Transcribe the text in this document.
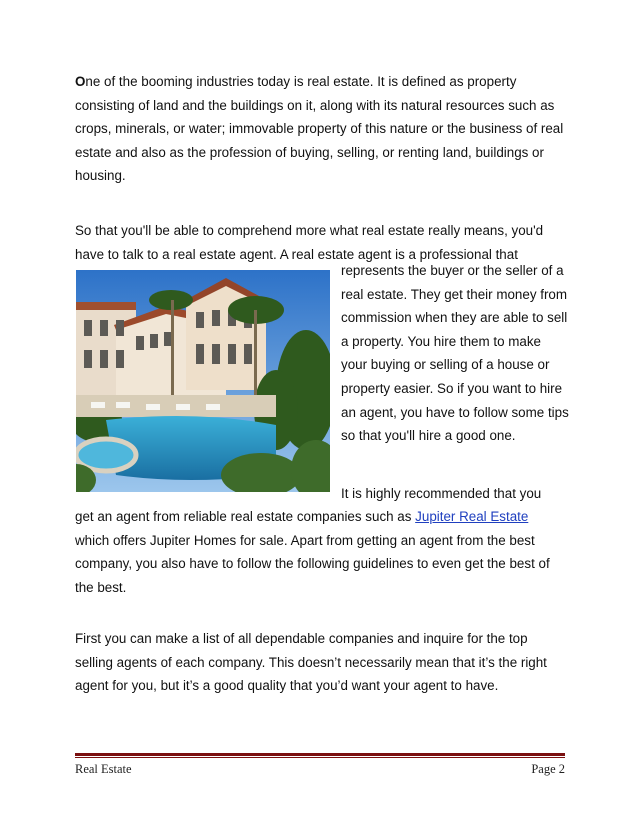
One of the booming industries today is real estate. It is defined as property consisting of land and the buildings on it, along with its natural resources such as crops, minerals, or water; immovable property of this nature or the business of real estate and also as the profession of buying, selling, or renting land, buildings or housing.
So that you'll be able to comprehend more what real estate really means, you'd have to talk to a real estate agent. A real estate agent is a professional that
represents the buyer or the seller of a real estate. They get their money from commission when they are able to sell a property. You hire them to make your buying or selling of a house or property easier. So if you want to hire an agent, you have to follow some tips so that you'll hire a good one.
It is highly recommended that you
get an agent from reliable real estate companies such as Jupiter Real Estate which offers Jupiter Homes for sale. Apart from getting an agent from the best company, you also have to follow the following guidelines to even get the best of the best.
First you can make a list of all dependable companies and inquire for the top selling agents of each company. This doesn’t necessarily mean that it’s the right agent for you, but it’s a good quality that you’d want your agent to have.
Real Estate	Page 2
